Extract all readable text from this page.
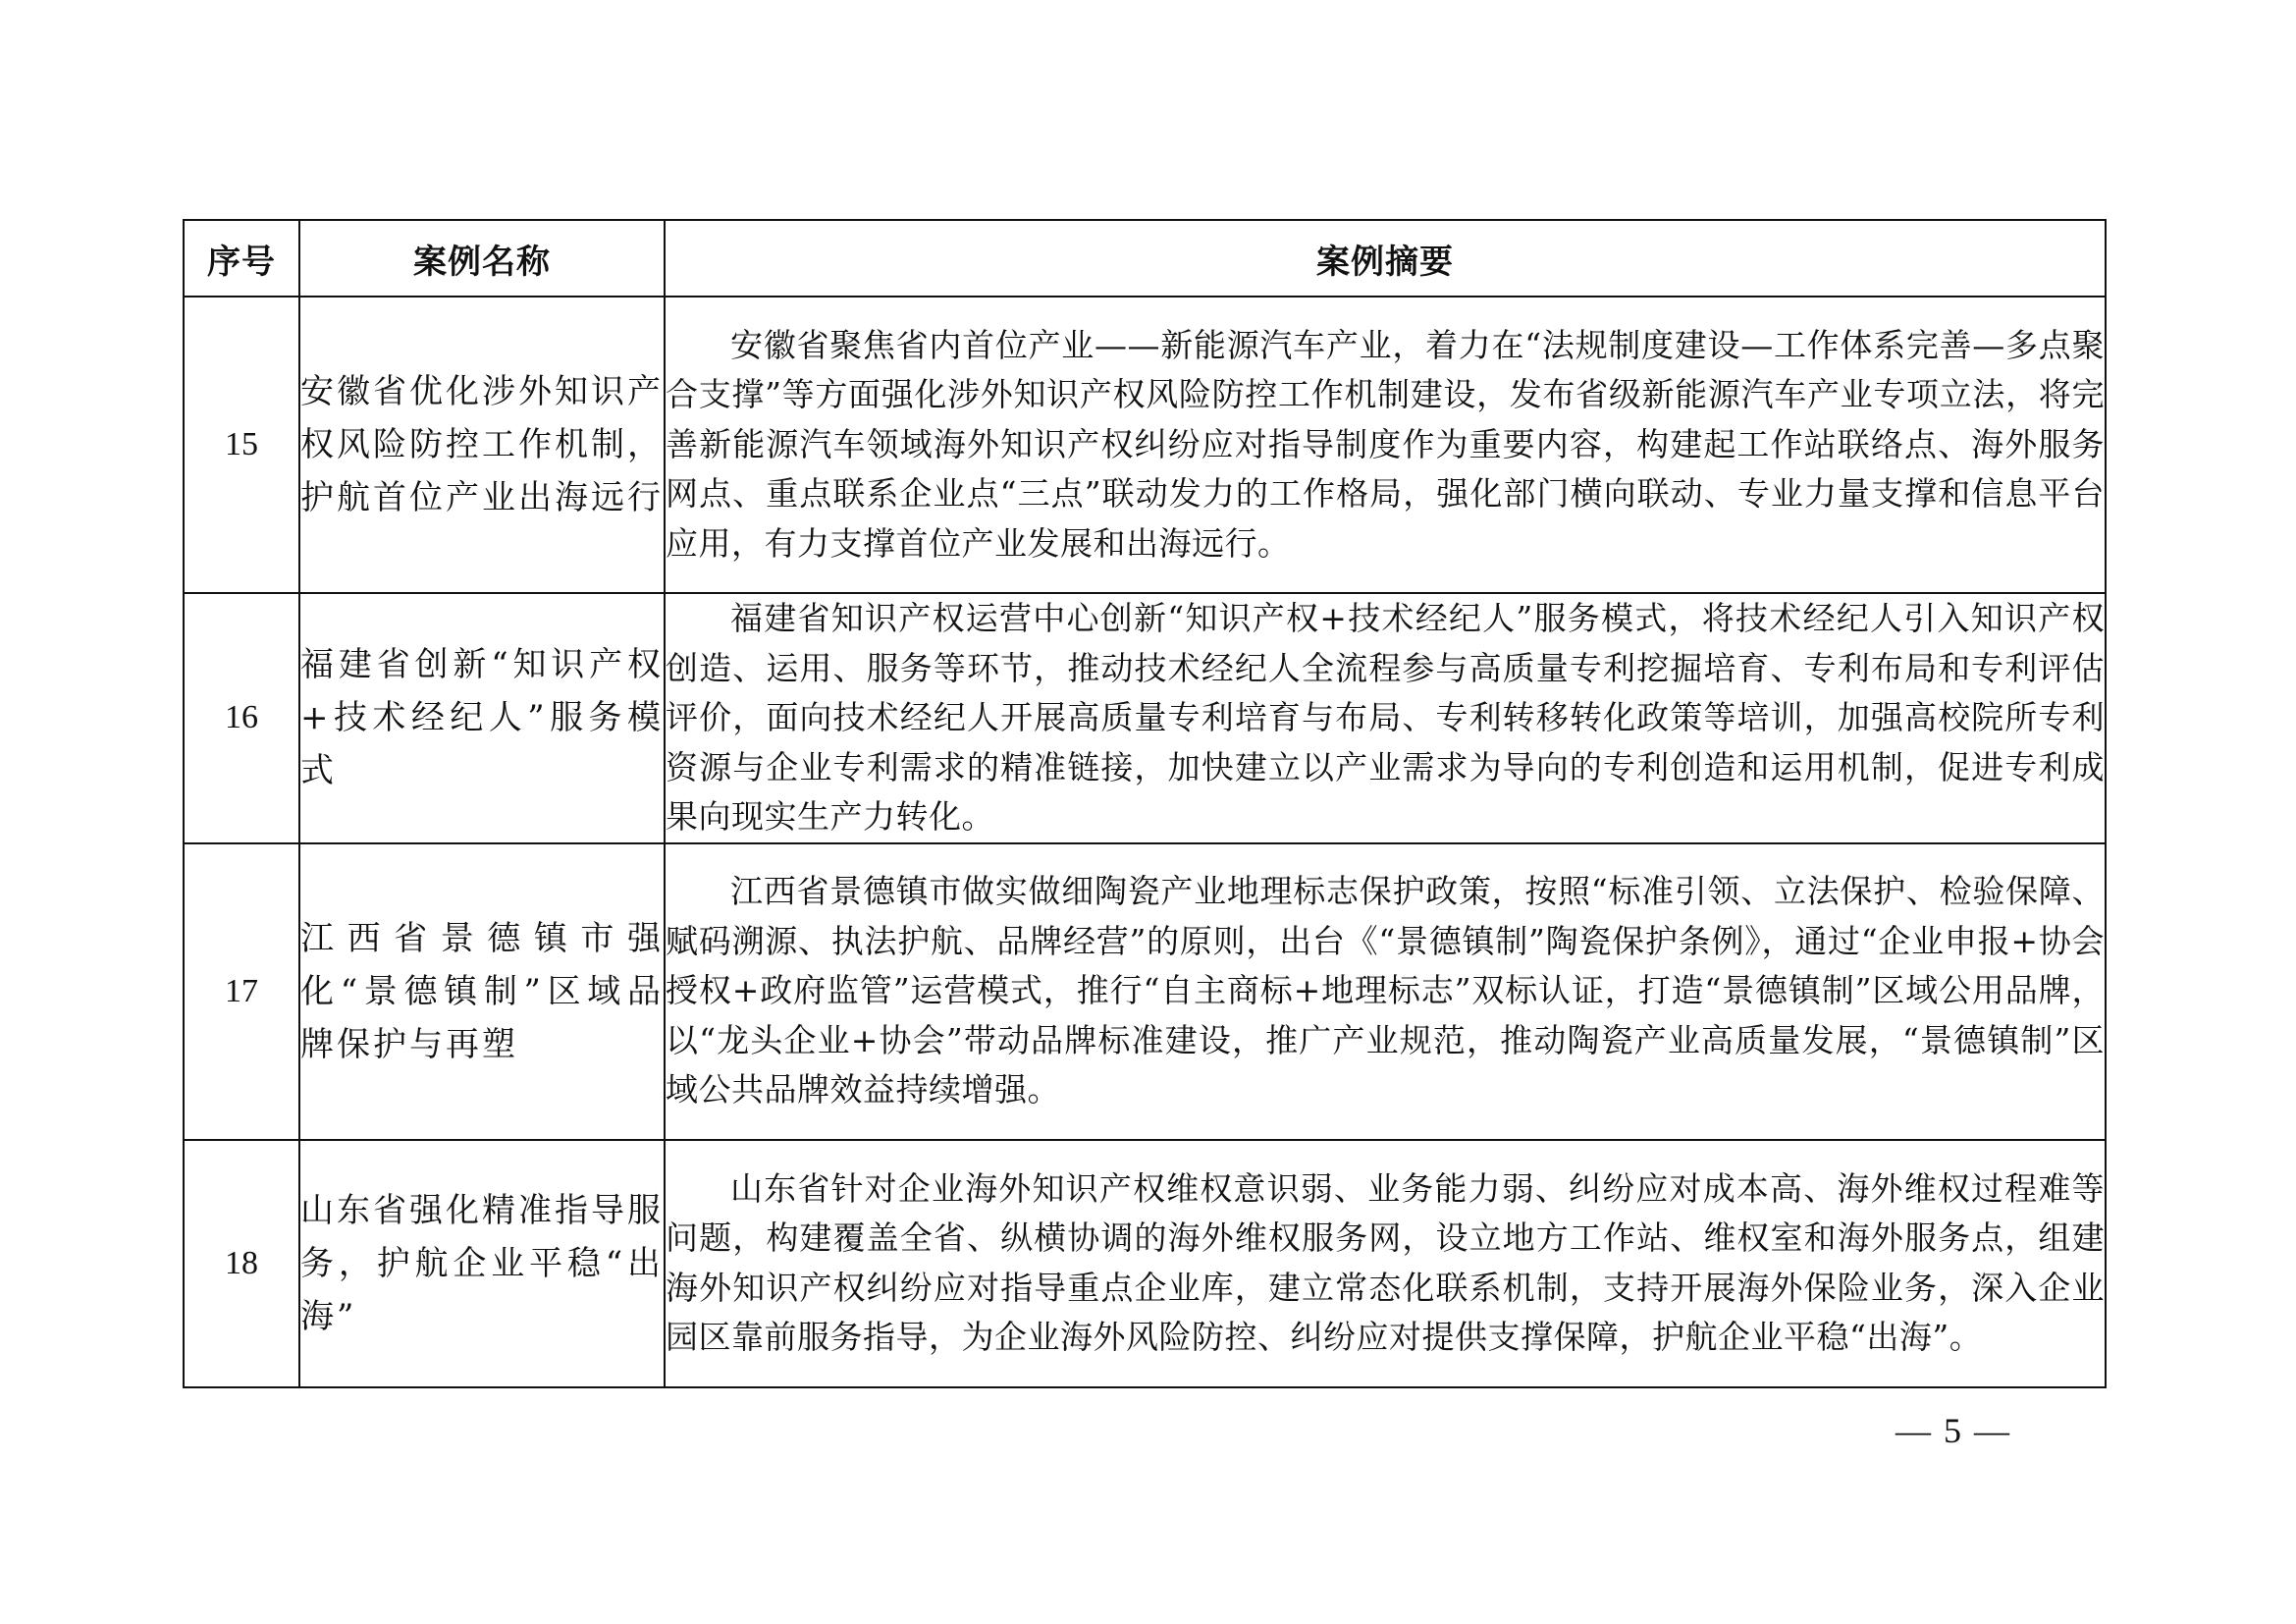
序号	案例名称	案例摘要
15	安徽省优化涉外知识产权风险防控工作机制，护航首位产业出海远行	安徽省聚焦省内首位产业——新能源汽车产业，着力在“法规制度建设—工作体系完善—多点聚合支撑”等方面强化涉外知识产权风险防控工作机制建设，发布省级新能源汽车产业专项立法，将完善新能源汽车领域海外知识产权纠纷应对指导制度作为重要内容，构建起工作站联络点、海外服务网点、重点联系企业点“三点”联动发力的工作格局，强化部门横向联动、专业力量支撑和信息平台应用，有力支撑首位产业发展和出海远行。
16	福建省创新“知识产权+技术经纪人”服务模式	福建省知识产权运营中心创新“知识产权+技术经纪人”服务模式，将技术经纪人引入知识产权创造、运用、服务等环节，推动技术经纪人全流程参与高质量专利挖掘培育、专利布局和专利评估评价，面向技术经纪人开展高质量专利培育与布局、专利转移转化政策等培训，加强高校院所专利资源与企业专利需求的精准链接，加快建立以产业需求为导向的专利创造和运用机制，促进专利成果向现实生产力转化。
17	江西省景德镇市强化“景德镇制”区域品牌保护与再塑	江西省景德镇市做实做细陶瓷产业地理标志保护政策，按照“标准引领、立法保护、检验保障、赋码溯源、执法护航、品牌经营”的原则，出台《“景德镇制”陶瓷保护条例》，通过“企业申报+协会授权+政府监管”运营模式，推行“自主商标+地理标志”双标认证，打造“景德镇制”区域公用品牌，以“龙头企业+协会”带动品牌标准建设，推广产业规范，推动陶瓷产业高质量发展，“景德镇制”区域公共品牌效益持续增强。
18	山东省强化精准指导服务，护航企业平稳“出海”	山东省针对企业海外知识产权维权意识弱、业务能力弱、纠纷应对成本高、海外维权过程难等问题，构建覆盖全省、纵横协调的海外维权服务网，设立地方工作站、维权室和海外服务点，组建海外知识产权纠纷应对指导重点企业库，建立常态化联系机制，支持开展海外保险业务，深入企业园区靠前服务指导，为企业海外风险防控、纠纷应对提供支撑保障，护航企业平稳“出海”。
— 5 —
